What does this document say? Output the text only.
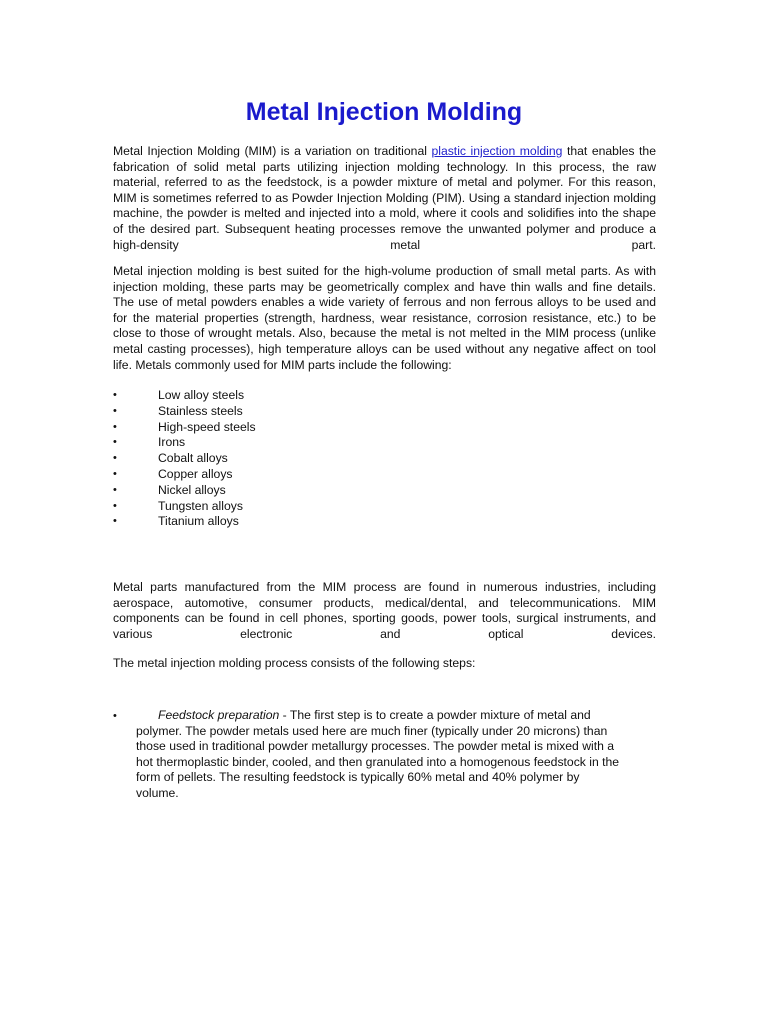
Metal Injection Molding

Metal Injection Molding (MIM) is a variation on traditional plastic injection molding that enables the fabrication of solid metal parts utilizing injection molding technology. In this process, the raw material, referred to as the feedstock, is a powder mixture of metal and polymer. For this reason, MIM is sometimes referred to as Powder Injection Molding (PIM). Using a standard injection molding machine, the powder is melted and injected into a mold, where it cools and solidifies into the shape of the desired part. Subsequent heating processes remove the unwanted polymer and produce a high-density metal part.

Metal injection molding is best suited for the high-volume production of small metal parts. As with injection molding, these parts may be geometrically complex and have thin walls and fine details. The use of metal powders enables a wide variety of ferrous and non ferrous alloys to be used and for the material properties (strength, hardness, wear resistance, corrosion resistance, etc.) to be close to those of wrought metals. Also, because the metal is not melted in the MIM process (unlike metal casting processes), high temperature alloys can be used without any negative affect on tool life. Metals commonly used for MIM parts include the following:

•	Low alloy steels
•	Stainless steels
•	High-speed steels
•	Irons
•	Cobalt alloys
•	Copper alloys
•	Nickel alloys
•	Tungsten alloys
•	Titanium alloys

Metal parts manufactured from the MIM process are found in numerous industries, including aerospace, automotive, consumer products, medical/dental, and telecommunications. MIM components can be found in cell phones, sporting goods, power tools, surgical instruments, and various electronic and optical devices.

The metal injection molding process consists of the following steps:

•	Feedstock preparation - The first step is to create a powder mixture of metal and polymer. The powder metals used here are much finer (typically under 20 microns) than those used in traditional powder metallurgy processes. The powder metal is mixed with a hot thermoplastic binder, cooled, and then granulated into a homogenous feedstock in the form of pellets. The resulting feedstock is typically 60% metal and 40% polymer by volume.
